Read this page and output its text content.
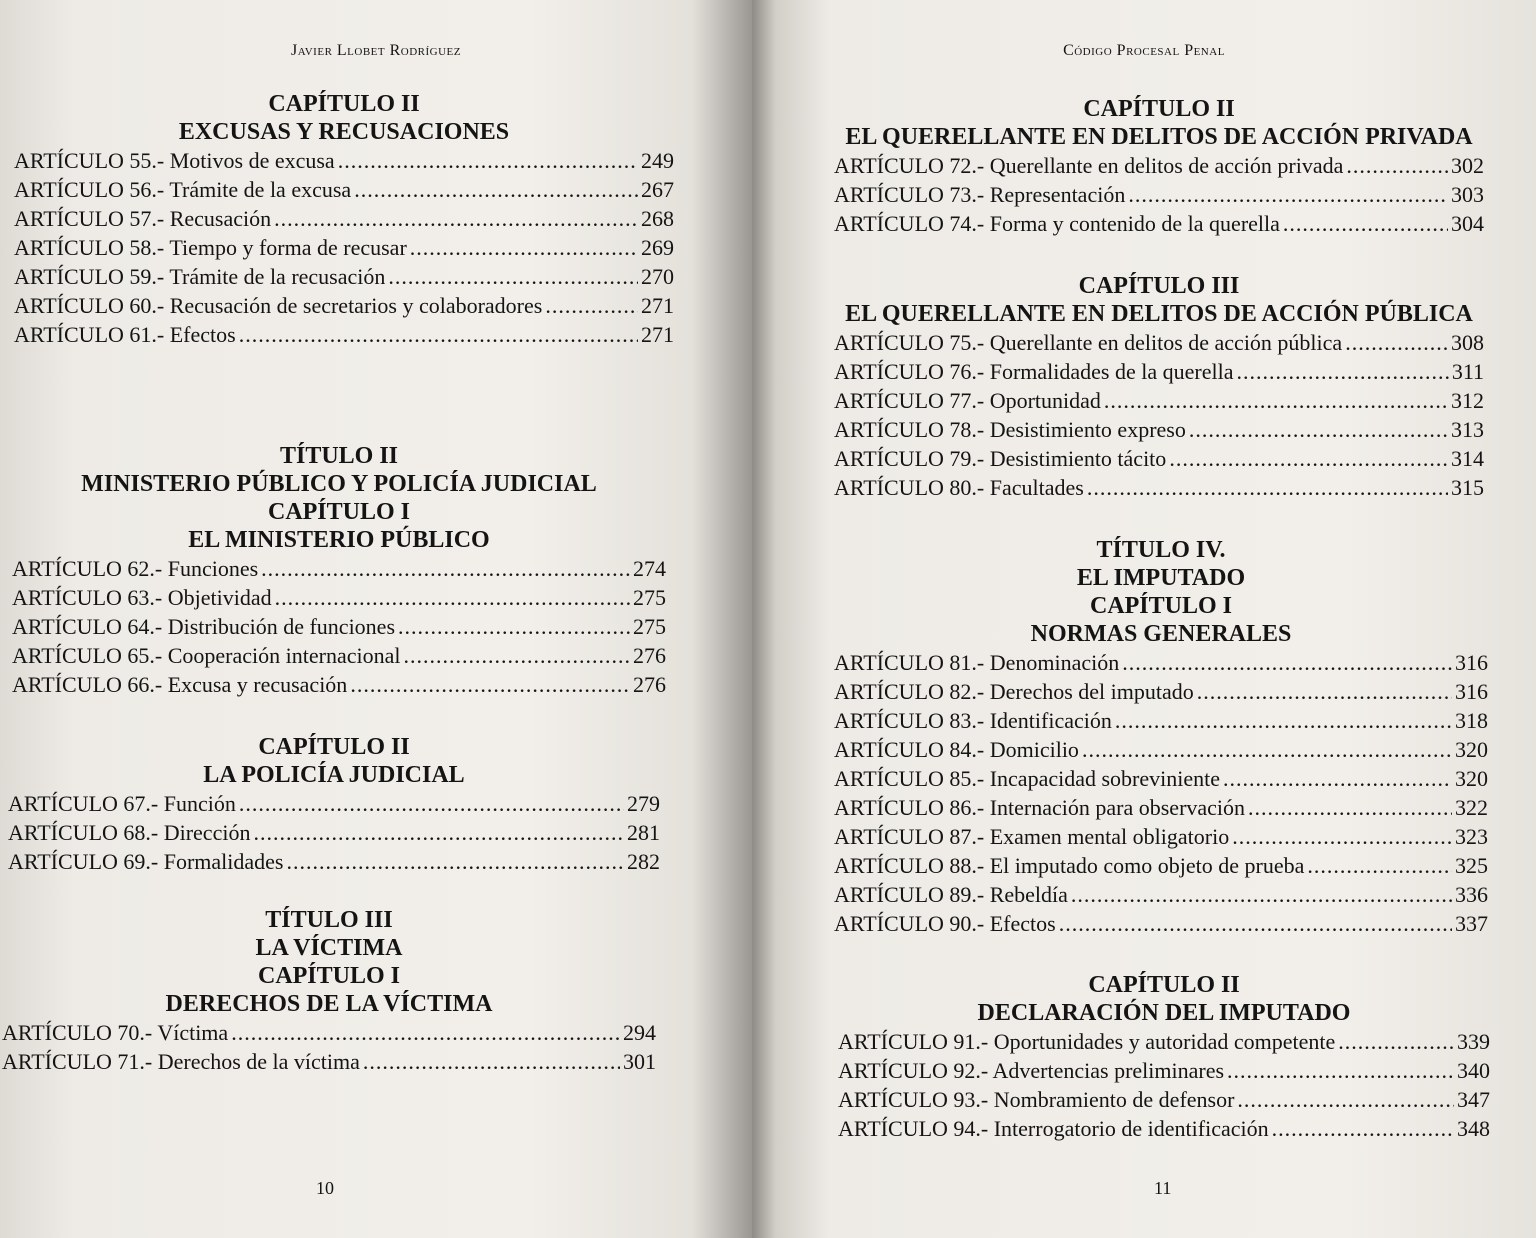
Javier Llobet Rodríguez
CAPÍTULO II
EXCUSAS Y RECUSACIONES
ARTÍCULO 55.- Motivos de excusa .....	249
ARTÍCULO 56.- Trámite de la excusa .....	267
ARTÍCULO 57.- Recusación .....	268
ARTÍCULO 58.- Tiempo y forma de recusar .....	269
ARTÍCULO 59.- Trámite de la recusación .....	270
ARTÍCULO 60.- Recusación de secretarios y colaboradores .....	271
ARTÍCULO 61.- Efectos .....	271
TÍTULO II
MINISTERIO PÚBLICO Y POLICÍA JUDICIAL
CAPÍTULO I
EL MINISTERIO PÚBLICO
ARTÍCULO 62.- Funciones .....	274
ARTÍCULO 63.- Objetividad .....	275
ARTÍCULO 64.- Distribución de funciones .....	275
ARTÍCULO 65.- Cooperación internacional .....	276
ARTÍCULO 66.- Excusa y recusación .....	276
CAPÍTULO II
LA POLICÍA JUDICIAL
ARTÍCULO 67.- Función .....	279
ARTÍCULO 68.- Dirección .....	281
ARTÍCULO 69.- Formalidades .....	282
TÍTULO III
LA VÍCTIMA
CAPÍTULO I
DERECHOS DE LA VÍCTIMA
ARTÍCULO 70.- Víctima .....	294
ARTÍCULO 71.- Derechos de la víctima .....	301
10
Código Procesal Penal
CAPÍTULO II
EL QUERELLANTE EN DELITOS DE ACCIÓN PRIVADA
ARTÍCULO 72.- Querellante en delitos de acción privada .....	302
ARTÍCULO 73.- Representación .....	303
ARTÍCULO 74.- Forma y contenido de la querella .....	304
CAPÍTULO III
EL QUERELLANTE EN DELITOS DE ACCIÓN PÚBLICA
ARTÍCULO 75.- Querellante en delitos de acción pública .....	308
ARTÍCULO 76.- Formalidades de la querella .....	311
ARTÍCULO 77.- Oportunidad .....	312
ARTÍCULO 78.- Desistimiento expreso .....	313
ARTÍCULO 79.- Desistimiento tácito .....	314
ARTÍCULO 80.- Facultades .....	315
TÍTULO IV.
EL IMPUTADO
CAPÍTULO I
NORMAS GENERALES
ARTÍCULO 81.- Denominación .....	316
ARTÍCULO 82.- Derechos del imputado .....	316
ARTÍCULO 83.- Identificación .....	318
ARTÍCULO 84.- Domicilio .....	320
ARTÍCULO 85.- Incapacidad sobreviniente .....	320
ARTÍCULO 86.- Internación para observación .....	322
ARTÍCULO 87.- Examen mental obligatorio .....	323
ARTÍCULO 88.- El imputado como objeto de prueba .....	325
ARTÍCULO 89.- Rebeldía .....	336
ARTÍCULO 90.- Efectos .....	337
CAPÍTULO II
DECLARACIÓN DEL IMPUTADO
ARTÍCULO 91.- Oportunidades y autoridad competente .....	339
ARTÍCULO 92.- Advertencias preliminares .....	340
ARTÍCULO 93.- Nombramiento de defensor .....	347
ARTÍCULO 94.- Interrogatorio de identificación .....	348
11
